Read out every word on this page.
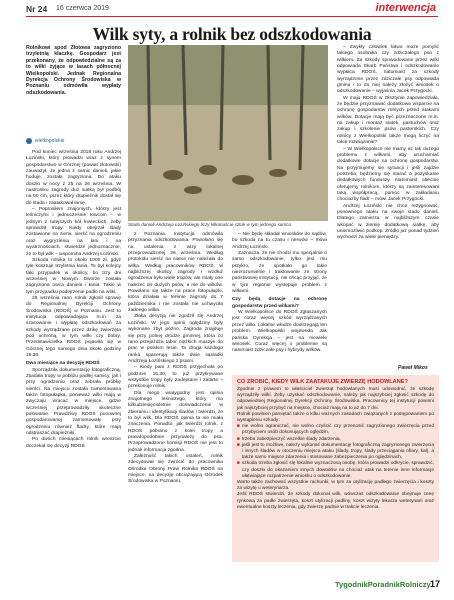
Nr 24 16 czerwca 2019	interwencja
Wilk syty, a rolnik bez odszkodowania

Rolnikowi spod Złotowa zagryziono trzyletnią klaczkę. Gospodarz jest przekonany, że odpowiedzialne są za to wilki żyjące w lasach północnej Wielkopolski. Jednak Regionalna Dyrekcja Ochrony Środowiska w Poznaniu odmówiła wypłaty odszkodowania.

wielkopolskie

Pod koniec września 2018 roku Andrzej Łoziński, który prowadzi wraz z synem gospodarstwo w Górznej (powiat złotowski) zauważył, że jedna z samic danieli, jakie hoduje, została zagryziona. Do ataku doszło w nocy z 25 na 26 września. W nastroniku zagrody duż siatką był podbój na 50 cm, przez który drapieżnik dostał się do stada i zaatakował łanię.

– Poprosiłem znajomych, którzy jest leśniczymi i jednocześnie łowcom – w jednym z tutejszych kół łowieckich, żeby sprawdził tropy. Kiedy obejrzał ślady zostawione na ziemi, sierść na ogrodzeniu oraz wygryzienia na łani i na wyatrznościach, stwierdził jednoznacznie, że to był wilk – wspomina Andrzej Łoziński.

Szkoda rolnika to około 1000 zł, gdyż tyle kosztuje trzyletnia łania. To był kolejny taki przypadek w okolicy, bo trzy dni wcześniej w Nowym Dworze została zagryziona owca daniela i łania. Takie w tym przypadku podejrzenie padło na wilki.

26 września rano rolnik zgłosił sprawę do Regionalnej Dyrekcji Ochrony Środowiska (RDOŚ) w Poznaniu. Jest to instytucja odpowiadająca m.in. za szacowanie i wypłatę odszkodowań za szkody wyrządzane przez dzikę zwierzęta pod ochroną, w tym wilki czy bobry. Przedstawicielka RDOŚ pojawiła się w Górznej tego samego dnia około godziny 15.30.

Dwa miesiące na decyzję RDOŚ

Sporządziła dokumentację fotograficzną, zbadała tropy w pobliżu padłej samicy, jak i przy ogrodzeniu oraz zebrała próbkę sierści. Na miejscu została zamontowana także fotopułapka, ponieważ wilki mają w zwyczaju wracać w miejsce, gdzie wcześniej przeprowadziły skuteczne polowanie. Prawdziwy RDOŚ ponownej gospodarowanej zamontowały przy ogrodzeniu również fladry, które mają odstraszać drapieżniki.

Po dwóch miesiącach rolnik wreszcie doczekał się decyzji RDOŚ

Stado danieli Andrzeja Łozińskiego liczy kilkanaście sztuk w tym jednego samca

z Poznania. Instytucja odmówiła przyznania odszkodowania. Powołano się na ustalenia z wizji lokalnej przeprowadzonej 26 września. Według protokołu sierść na siatce nie należała do wilka. Według pracowników RDOŚ, w najbliższej okolicy zagrody i wzdłuż ogrodzenia było wiele tropów, ale miały one należeć do dużych psów, a nie do wilków. Powołano się także na prace fotopułapki, która działała w terenie zagrody do 7 października i nie została nie uchwyciła żadnego wilka.

Złaka decyzją nie zgodził się Andrzej Łoziński. W jego opinii oględziny były wykonane zbyt późno. Zagroda znajduje się przy polnej drodze gminnej, która co rano przejeżdża tabor ciężkich maszyn do prac w polskim lesie. Ta droga każdego ranka spacerują także dwie sąsiadki Andrzeja Łozińskiego z psami.

– Kiedy pani z RDOŚ przyjechała po godzinie 15.30, to już przykrywane wszystkie tropy były zadeptane i zatarte – przekonuje rolnik.

Dla niego wiarygodny jest opinia znajomego leśniczego, który ma kilkudziesięcioletnie doświadczenie w zbieraniu i identyfikacji śladów i twierdzi, że to był wilk. Dla RDOŚ opinia ta nie miała znaczenia. Ponadto, jak twierdzi rolnik, z RDOŚ pobrano z kolei tropy a prawdopodobnie przynależy do psa. Przeprowadzone komisji RDOŚ nie jest to jednak informacja zgodna.

Zależność takich ustaleń, rolnik zdecydował się zwrócić do pracownika Ośrodka Obrony Praw Rolnika RDOŚ na miejsce, na decyzję obciążającą Ośrodek Środowiska w Poznaniu.

– Nie będę składał wniosków do sądów, bo szkoda na to czasu i nerwów – mówi Andrzej Łoziński.

Zaznacza, że nie chodzi mu specjalnie o samo odszkodowanie, tylko jest mu przykro, że spotkało go takie niezrozumienie i traktowanie ze strony państwowej instytucji, nie chcąc przyjąć, że w tym regionie występuje problem z wilkami.

Czy będą dotacje na ochronę gospodarstw przed wilkami?

W Wielkopolsce do RDOŚ zgłaszanych jest coraz więcej szkód wyrządzanych przez wilki. Lokalne władze dostrzegają ten problem. Wielkopolski wojewoda Jak pańska Dyrekcja – jest na niewiele wniosek. Coraz więcej o problemie są natomiast zdziczałe psy i hybrydy wilków.

– Zwykły człowiek łatwo może pomylić takiego osobnika czy zdziczałego psa z wilkiem. Za szkody spowodowane przez wilki odpowiada Skarb Państwa i odszkodowanie wypłaca RDOŚ, natomiast za szkody wyrządzone przez zdziczałe psy odpowiada gmina i to do niej należy złożyć wniosek o odszkodowanie – wyjaśnia Jacek Przygocki.

W maju RDOŚ w Olsztynie zapowiedziała, że będzie przyznawać dodatkowe wsparcie na ochronę gospodarstw rolnych przed atakami wilków. Dotacje mają być przeznaczone m.in. na zakup i montaż siatek, pastuchów oraz zakup i szkolenie psów pasterskich. Czy rolnicy z Wielkopolski także mogą liczyć na takie rozwiązanie?

– W Wielkopolsce nie mamy aż tak dużego problemu z wilkami, aby uruchamiać dodatkowe dotacje na ochronę gospodarstw. Na przyjmujemy się sytuacji i jeśli zajdzie potrzeba, będziemy się starać o pozyskanie dodatkowych funduszy. Natomiast obecnie oferujemy rolnikom, którzy są zainteresowani taką współpracą, pomoc w zakładaniu chociażby fladr – mówi Jacek Przygocki.

Andrzej Łoziński nie chce rezygnować, ponownego ataku na swoje stado danieli. Dlatego zamierza w najbliższym czasie wkopać w ziemię dodatkową siatkę, aby uniemożliwić podkop. Źródło już ponad tydzień wychodzi za wiele pieniędzy.

Paweł Mikos
CO ZROBIĆ, KIEDY WILK ZAATAKUJE ZWIERZĘ HODOWLANE?

Zgodnie z prawem to właściciel zwierząt hodowlanych musi udowodnić, że szkodę wyrządziły wilki. Żeby uzyskać odszkodowanie, należy jak najszybciej zgłosić szkodę do odpowiedniej Regionalnej Dyrekcji Ochrony Środowiska. Pracownicy tej instytucji powinni jak najszybciej przybyć na miejsce, chociaż mają na to aż do 7 dni.

Rolnik powinien pamiętać także o kilku ważnych zasadach związanych z postępowaniem po wystąpieniu szkody:

■ nie wolno ograniczać, nie wolno czyścić czy przenosić zagryzionego zwierzęcia przed przybyciem osób dokonujących oględzin,
■ trzeba zabezpieczyć wszelkie ślady zdarzenia,
■ jeśli jest to możliwe, należy wykonać dokumentację fotograficzną zagryzionego zwierzęcia i innych śladów w otoczeniu miejsca ataku (ślady, tropy, ślady przeciągania ofiary, kał), a także samo miejsce zdarzenia i stosowane zabezpieczenia po oględzinach,
■ szkoda trzeba zgłosić się lokalnie wyznaczoną osobę, która prowadzi odkrycie, sprawdzić, czy doszło do okazaniem innych dowodów na chociaż atak na terenie inne informacje ułatwiające rozpatrzenie wniosku o odszkodowanie.

Warto także zachować wszystkie rachunki, w tym za utylizację padłego zwierzęcia i koszty za wizytę u weterynarza.

Jeśli RDOŚ stwierdzi, że szkody dokonał wilk, wówczas odszkodowanie obejmuje cenę rynkową za padłe zwierzęta, koszt utylizacji padliny, koszt wizyty lekarza weterynarii oraz ewentualne koszty leczenia, gdy zwierzę padnie w trakcie leczenia.

TygodnikPoradnikRolniczy 17
